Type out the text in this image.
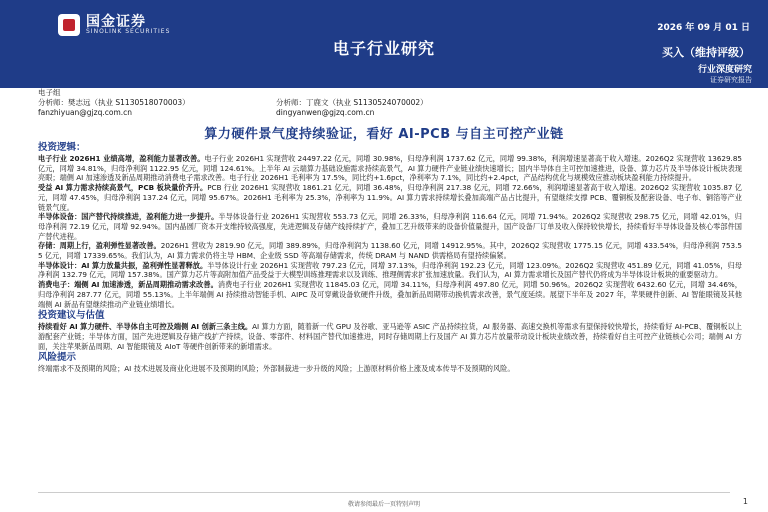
国金证券
SINOLINK SECURITIES	2026 年 09 月 01 日
电子行业研究	买入（维持评级）
行业深度研究
证券研究报告
电子组
分析师：樊志远（执业 S1130518070003）	分析师：丁鹿文（执业 S1130524070002）
fanzhiyuan@gjzq.com.cn	dingyanwen@gjzq.com.cn
算力硬件景气度持续验证，看好 AI-PCB 与自主可控产业链
投资逻辑：
电子行业 2026H1 业绩高增，盈利能力显著改善。电子行业 2026H1 实现营收 24497.22 亿元，同增 30.98%，归母净利润 1737.62 亿元，同增 99.38%，利润增速显著高于收入增速。2026Q2 实现营收 13629.85 亿元，同增 34.81%，归母净利润 1122.95 亿元，同增 124.61%。上半年 AI 云端算力基础设施需求持续高景气，AI 算力硬件产业链业绩快速增长；国内半导体自主可控加速推进，设备、算力芯片及半导体设计板块表现亮眼；端侧 AI 加速渗透及新品周期推动消费电子需求改善。电子行业 2026H1 毛利率为 17.5%，同比约+1.6pct，净利率为 7.1%，同比约+2.4pct，产品结构优化与规模效应推动板块盈利能力持续提升。
受益 AI 算力需求持续高景气，PCB 板块量价齐升。PCB 行业 2026H1 实现营收 1861.21 亿元，同增 36.48%，归母净利润 217.38 亿元，同增 72.66%，利润增速显著高于收入增速。2026Q2 实现营收 1035.87 亿元，同增 47.45%，归母净利润 137.24 亿元，同增 95.67%。2026H1 毛利率为 25.3%，净利率为 11.9%。AI 算力需求持续增长叠加高端产品占比提升，有望继续支撑 PCB、覆铜板及配套设备、电子布、铜箔等产业链景气度。
半导体设备：国产替代持续推进，盈利能力进一步提升。半导体设备行业 2026H1 实现营收 553.73 亿元，同增 26.33%，归母净利润 116.64 亿元，同增 71.94%。2026Q2 实现营收 298.75 亿元，同增 42.01%，归母净利润 72.19 亿元，同增 92.94%。国内晶圆厂资本开支维持较高强度，先进逻辑及存储产线持续扩产，叠加工艺升级带来的设备价值量提升，国产设备厂订单及收入保持较快增长，持续看好半导体设备及核心零部件国产替代进程。
存储：周期上行，盈利弹性显著改善。2026H1 营收为 2819.90 亿元，同增 389.89%，归母净利润为 1138.60 亿元，同增 14912.95%。其中，2026Q2 实现营收 1775.15 亿元，同增 433.54%，归母净利润 753.55 亿元，同增 17339.65%。我们认为，AI 算力需求仍将主导 HBM、企业级 SSD 等高端存储需求，传统 DRAM 与 NAND 供需格局有望持续偏紧。
半导体设计：AI 算力放量共振，盈利弹性显著释放。半导体设计行业 2026H1 实现营收 797.23 亿元，同增 37.13%，归母净利润 192.23 亿元，同增 123.09%。2026Q2 实现营收 451.89 亿元，同增 41.05%，归母净利润 132.79 亿元，同增 157.38%。国产算力芯片等高附加值产品受益于大模型训练推理需求以及训练、推理侧需求扩张加速放量。我们认为，AI 算力需求增长及国产替代仍将成为半导体设计板块的重要驱动力。
消费电子：端侧 AI 加速渗透，新品周期推动需求改善。消费电子行业 2026H1 实现营收 11845.03 亿元，同增 34.11%，归母净利润 497.80 亿元，同增 50.96%。2026Q2 实现营收 6432.60 亿元，同增 34.46%，归母净利润 287.77 亿元，同增 55.13%。上半年端侧 AI 持续推动智能手机、AIPC 及可穿戴设备软硬件升级，叠加新品周期带动换机需求改善，景气度延续。展望下半年及 2027 年，苹果硬件创新、AI 智能眼镜及其他端侧 AI 新品有望继续推动产业链业绩增长。
投资建议与估值
持续看好 AI 算力硬件、半导体自主可控及端侧 AI 创新三条主线。AI 算力方面，随着新一代 GPU 及谷歌、亚马逊等 ASIC 产品持续拉货，AI 服务器、高速交换机等需求有望保持较快增长，持续看好 AI-PCB、覆铜板以上游配套产业链；半导体方面，国产先进逻辑及存储产线扩产持续，设备、零部件、材料国产替代加速推进，同时存储周期上行及国产 AI 算力芯片放量带动设计板块业绩改善，持续看好自主可控产业链核心公司；端侧 AI 方面，关注苹果新品周期、AI 智能眼镜及 AIoT 等硬件创新带来的新增需求。
风险提示
终端需求不及预期的风险；AI 技术进展及商业化进展不及预期的风险；外部制裁进一步升级的风险；上游原材料价格上涨及成本传导不及预期的风险。
敬请参阅最后一页特别声明	1
